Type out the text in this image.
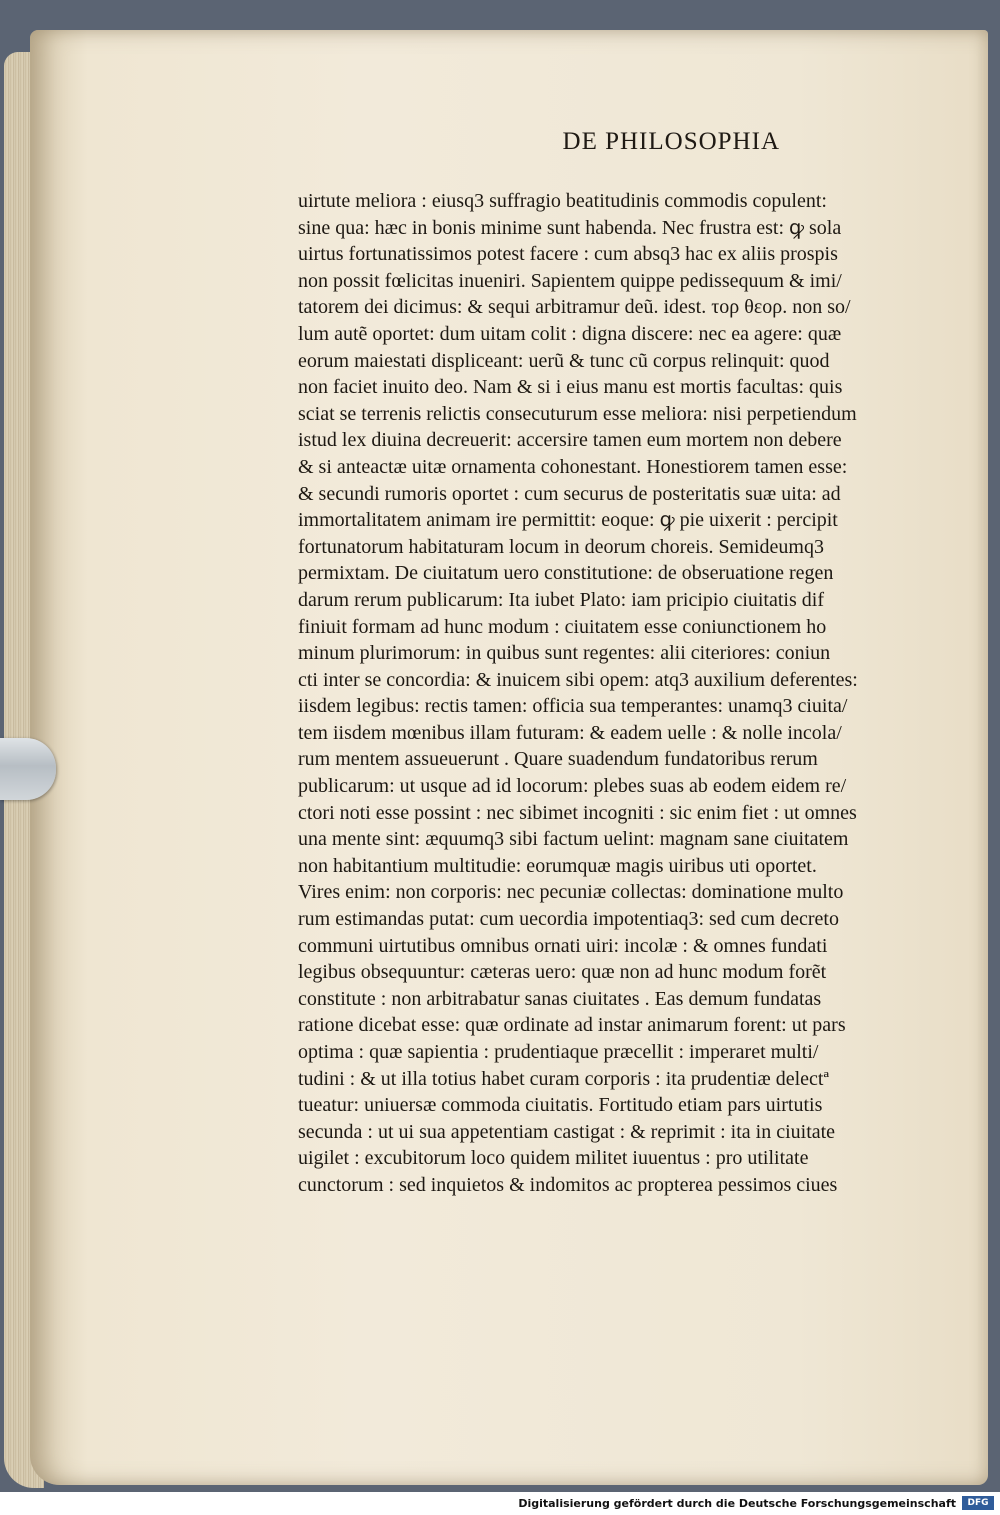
DE PHILOSOPHIA
uirtute meliora : eiusq3 suffragio beatitudinis commodis copulent:
sine qua: hæc in bonis minime sunt habenda. Nec frustra est: ꝙ sola
uirtus fortunatissimos potest facere : cum absq3 hac ex aliis prospis
non possit fœlicitas inueniri. Sapientem quippe pedissequum & imi/
tatorem dei dicimus: & sequi arbitramur deũ. idest. τορ θεορ. non so/
lum autẽ oportet: dum uitam colit : digna discere: nec ea agere: quæ
eorum maiestati displiceant: uerũ & tunc cũ corpus relinquit: quod
non faciet inuito deo. Nam & si i eius manu est mortis facultas: quis
sciat se terrenis relictis consecuturum esse meliora: nisi perpetiendum
istud lex diuina decreuerit: accersire tamen eum mortem non debere
& si anteactæ uitæ ornamenta cohonestant. Honestiorem tamen esse:
& secundi rumoris oportet : cum securus de posteritatis suæ uita: ad
immortalitatem animam ire permittit: eoque: ꝙ pie uixerit : percipit
fortunatorum habitaturam locum in deorum choreis. Semideumq3
permixtam. De ciuitatum uero constitutione: de obseruatione regen
darum rerum publicarum: Ita iubet Plato: iam pricipio ciuitatis dif
finiuit formam ad hunc modum : ciuitatem esse coniunctionem ho
minum plurimorum: in quibus sunt regentes: alii citeriores: coniun
cti inter se concordia: & inuicem sibi opem: atq3 auxilium deferentes:
iisdem legibus: rectis tamen: officia sua temperantes: unamq3 ciuita/
tem iisdem mœnibus illam futuram: & eadem uelle : & nolle incola/
rum mentem assueuerunt . Quare suadendum fundatoribus rerum
publicarum: ut usque ad id locorum: plebes suas ab eodem eidem re/
ctori noti esse possint : nec sibimet incogniti : sic enim fiet : ut omnes
una mente sint: æquumq3 sibi factum uelint: magnam sane ciuitatem
non habitantium multitudie: eorumquæ magis uiribus uti oportet.
Vires enim: non corporis: nec pecuniæ collectas: dominatione multo
rum estimandas putat: cum uecordia impotentiaq3: sed cum decreto
communi uirtutibus omnibus ornati uiri: incolæ : & omnes fundati
legibus obsequuntur: cæteras uero: quæ non ad hunc modum forẽt
constitute : non arbitrabatur sanas ciuitates . Eas demum fundatas
ratione dicebat esse: quæ ordinate ad instar animarum forent: ut pars
optima : quæ sapientia : prudentiaque præcellit : imperaret multi/
tudini : & ut illa totius habet curam corporis : ita prudentiæ delectª
tueatur: uniuersæ commoda ciuitatis. Fortitudo etiam pars uirtutis
secunda : ut ui sua appetentiam castigat : & reprimit : ita in ciuitate
uigilet : excubitorum loco quidem militet iuuentus : pro utilitate
cunctorum : sed inquietos & indomitos ac propterea pessimos ciues
Digitalisierung gefördert durch die Deutsche Forschungsgemeinschaft	DFG
